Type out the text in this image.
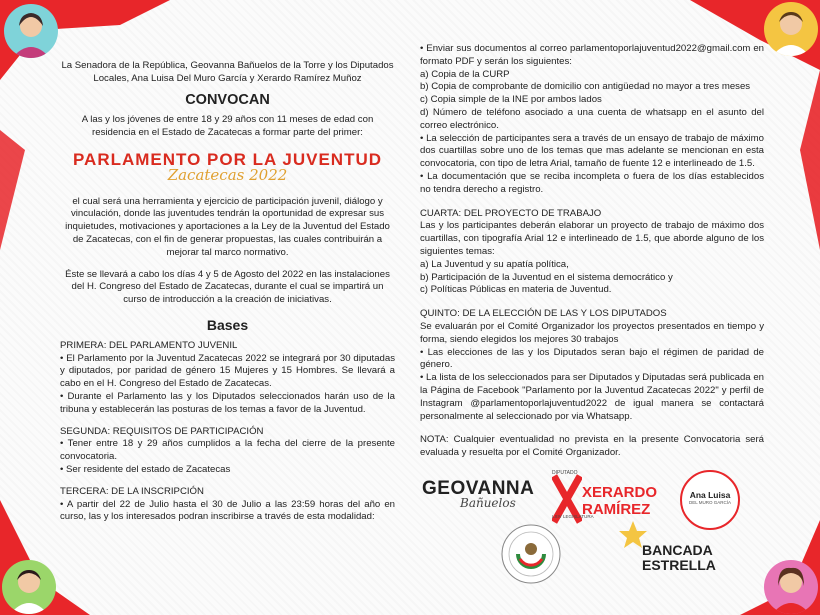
La Senadora de la República, Geovanna Bañuelos de la Torre y los Diputados Locales, Ana Luisa Del Muro García y Xerardo Ramírez Muñoz

CONVOCAN

A las y los jóvenes de entre 18 y 29 años con 11 meses de edad con residencia en el Estado de Zacatecas a formar parte del primer:

PARLAMENTO POR LA JUVENTUD
Zacatecas 2022

el cual será una herramienta y ejercicio de participación juvenil, diálogo y vinculación, donde las juventudes tendrán la oportunidad de expresar sus inquietudes, motivaciones y aportaciones a la Ley de la Juventud del Estado de Zacatecas, con el fin de generar propuestas, las cuales contribuirán a mejorar tal marco normativo.

Éste se llevará a cabo los días 4 y 5 de Agosto del 2022 en las instalaciones del H. Congreso del Estado de Zacatecas, durante el cual se impartirá un curso de introducción a la creación de iniciativas.

Bases
PRIMERA: DEL PARLAMENTO JUVENIL

• El Parlamento por la Juventud Zacatecas 2022 se integrará por 30 diputadas y diputados, por paridad de género 15 Mujeres y 15 Hombres. Se llevará a cabo en el H. Congreso del Estado de Zacatecas.

• Durante el Parlamento las y los Diputados seleccionados harán uso de la tribuna y establecerán las posturas de los temas a favor de la Juventud.

SEGUNDA: REQUISITOS DE PARTICIPACIÓN

• Tener entre 18 y 29 años cumplidos a la fecha del cierre de la presente convocatoria.

• Ser residente del estado de Zacatecas

TERCERA: DE LA INSCRIPCIÓN

• A partir del 22 de Julio hasta el 30 de Julio a las 23:59 horas del año en curso, las y los interesados podran inscribirse a través de esta modalidad:

• Enviar sus documentos al correo parlamentoporlajuventud2022@gmail.com en formato PDF y serán los siguientes:

a) Copia de la CURP

b) Copia de comprobante de domicilio con antigüedad no mayor a tres meses

c) Copia simple de la INE por ambos lados

d) Número de teléfono asociado a una cuenta de whatsapp en el asunto del correo electrónico.

• La selección de participantes sera a través de un ensayo de trabajo de máximo dos cuartillas sobre uno de los temas que mas adelante se mencionan en esta convocatoria, con tipo de letra Arial, tamaño de fuente 12 e interlineado de 1.5.

• La documentación que se reciba incompleta o fuera de los días establecidos no tendra derecho a registro.

CUARTA: DEL PROYECTO DE TRABAJO

Las y los participantes deberán elaborar un proyecto de trabajo de máximo dos cuartillas, con tipografía Arial 12 e interlineado de 1.5, que aborde alguno de los siguientes temas:

a) La Juventud y su apatía política,

b) Participación de la Juventud en el sistema democrático y

c) Políticas Públicas en materia de Juventud.

QUINTO: DE LA ELECCIÓN DE LAS Y LOS DIPUTADOS

Se evaluarán por el Comité Organizador los proyectos presentados en tiempo y forma, siendo elegidos los mejores 30 trabajos

• Las elecciones de las y los Diputados seran bajo el régimen de paridad de género.

• La lista de los seleccionados para ser Diputados y Diputadas será publicada en la Página de Facebook "Parlamento por la Juventud Zacatecas 2022" y perfil de Instagram @parlamentoporlajuventud2022 de igual manera se contactará personalmente al seleccionado por via Whatsapp.

NOTA: Cualquier eventualidad no prevista en la presente Convocatoria será evaluada y resuelta por el Comité Organizador.

GEOVANNA
Bañuelos
DIPUTADO
XERARDO
RAMÍREZ
LXIV LEGISLATURA
Ana Luisa
DEL MURO GARCÍA
BANCADA
ESTRELLA
